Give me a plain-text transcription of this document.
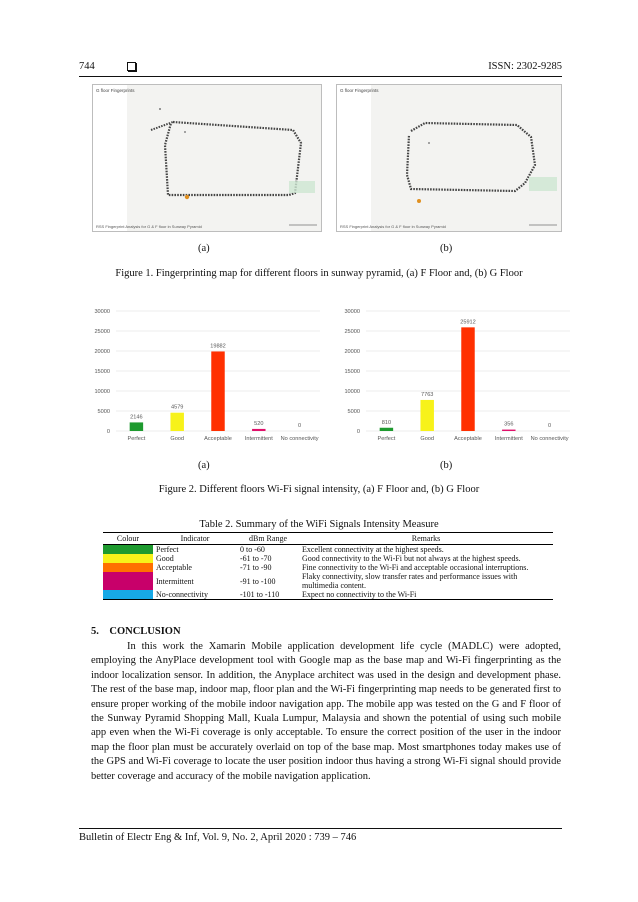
744	ISSN: 2302-9285
G floor Fingerprints
RSS Fingerprint Analysis for G & F floor in Sunway Pyramid
G floor Fingerprints
RSS Fingerprint Analysis for G & F floor in Sunway Pyramid
(a)	(b)
Figure 1. Fingerprinting map for different floors in sunway pyramid, (a) F Floor and, (b) G Floor
0
5000
10000
15000
20000
25000
30000
2146
Perfect
4579
Good
19882
Acceptable
520
Intermittent
0
No connectivity
0
5000
10000
15000
20000
25000
30000
810
Perfect
7763
Good
25912
Acceptable
356
Intermittent
0
No connectivity
(a)	(b)
Figure 2. Different floors Wi-Fi signal intensity, (a) F Floor and, (b) G Floor
Table 2. Summary of the WiFi Signals Intensity Measure
Colour	Indicator	dBm Range	Remarks
	Perfect	0 to -60	Excellent connectivity at the highest speeds.
	Good	-61 to -70	Good connectivity to the Wi-Fi but not always at the highest speeds.
	Acceptable	-71 to -90	Fine connectivity to the Wi-Fi and acceptable occasional interruptions.
	Intermittent	-91 to -100	Flaky connectivity, slow transfer rates and performance issues with multimedia content.
	No-connectivity	-101 to -110	Expect no connectivity to the Wi-Fi
5.    CONCLUSION
In this work the Xamarin Mobile application development life cycle (MADLC) were adopted, employing the AnyPlace development tool with Google map as the base map and Wi-Fi fingerprinting as the indoor localization sensor. In addition, the Anyplace architect was used in the design and development phase. The rest of the base map, indoor map, floor plan and the Wi-Fi fingerprinting map needs to be generated first to ensure proper working of the mobile indoor navigation app. The mobile app was tested on the G and F floor of the Sunway Pyramid Shopping Mall, Kuala Lumpur, Malaysia and shown the potential of using such mobile app even when the Wi-Fi coverage is only acceptable. To ensure the correct position of the user in the indoor map the floor plan must be accurately overlaid on top of the base map. Most smartphones today makes use of the GPS and Wi-Fi coverage to locate the user position indoor thus having a strong Wi-Fi signal should provide better coverage and accuracy of the mobile navigation application.
Bulletin of Electr Eng & Inf, Vol. 9, No. 2, April 2020 : 739 – 746
